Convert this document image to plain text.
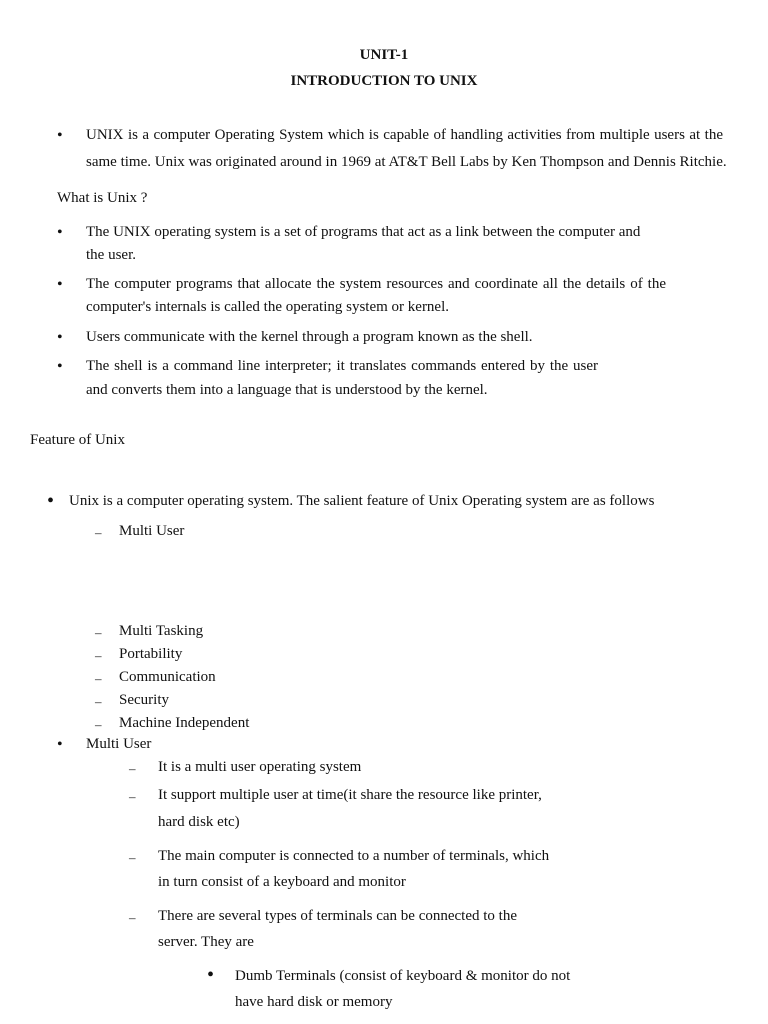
UNIT-1
INTRODUCTION TO UNIX
• UNIX is a computer Operating System which is capable of handling activities from multiple users at the
same time. Unix was originated around in 1969 at AT&T Bell Labs by Ken Thompson and Dennis Ritchie.
What is Unix ?
• The UNIX operating system is a set of programs that act as a link between the computer and
the user.
• The computer programs that allocate the system resources and coordinate all the details of the
computer's internals is called the operating system or kernel.
• Users communicate with the kernel through a program known as the shell.
• The shell is a command line interpreter; it translates commands entered by the user
and converts them into a language that is understood by the kernel.
Feature of Unix
• Unix is a computer operating system. The salient feature of Unix Operating system are as follows
– Multi User
– Multi Tasking
– Portability
– Communication
– Security
– Machine Independent
• Multi User
– It is a multi user operating system
– It support multiple user at time(it share the resource like printer,
hard disk etc)
– The main computer is connected to a number of terminals, which
in turn consist of a keyboard and monitor
– There are several types of terminals can be connected to the
server. They are
• Dumb Terminals (consist of keyboard & monitor do not
have hard disk or memory
